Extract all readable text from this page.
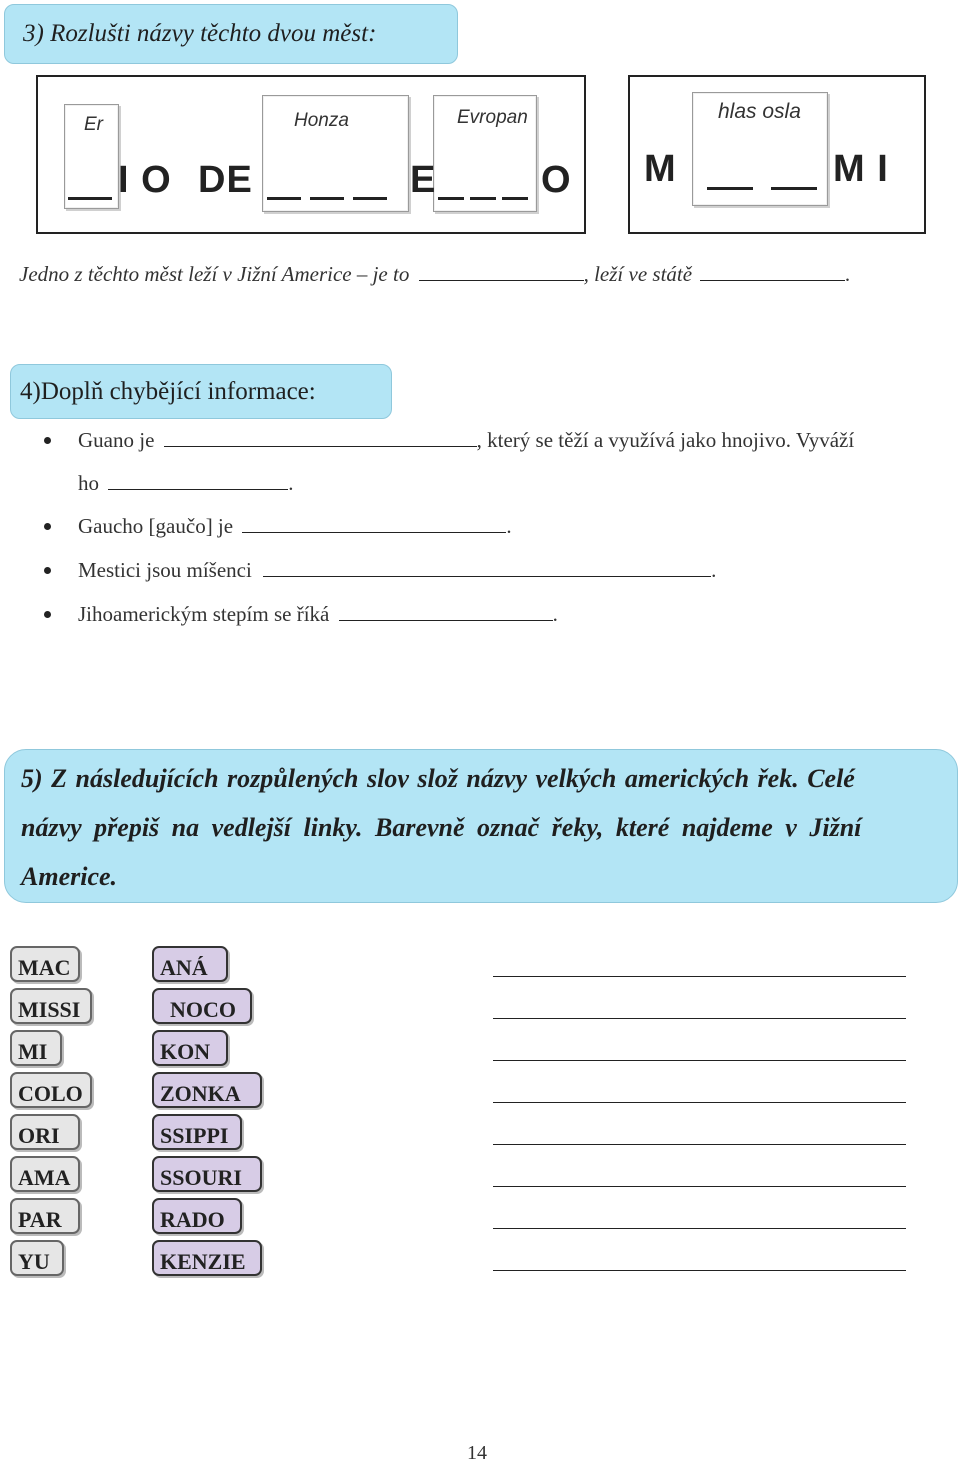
3) Rozlušti názvy těchto dvou měst:
Er	Honza	Evropan
I O DE	E	O
hlas osla
M	M I
Jedno z těchto měst leží v Jižní Americe – je to	, leží ve státě	.
4)Doplň chybějící informace:
Guano je	, který se těží a využívá jako hnojivo. Vyváží
ho	.
Gaucho [gaučo] je	.
Mestici jsou míšenci	.
Jihoamerickým stepím se říká	.
5) Z následujících rozpůlených slov slož názvy velkých amerických řek. Celé
názvy přepiš na vedlejší linky. Barevně označ řeky, které najdeme v Jižní
Americe.
MAC
MISSI
MI
COLO
ORI
AMA
PAR
YU
ANÁ
NOCO
KON
ZONKA
SSIPPI
SSOURI
RADO
KENZIE
14
